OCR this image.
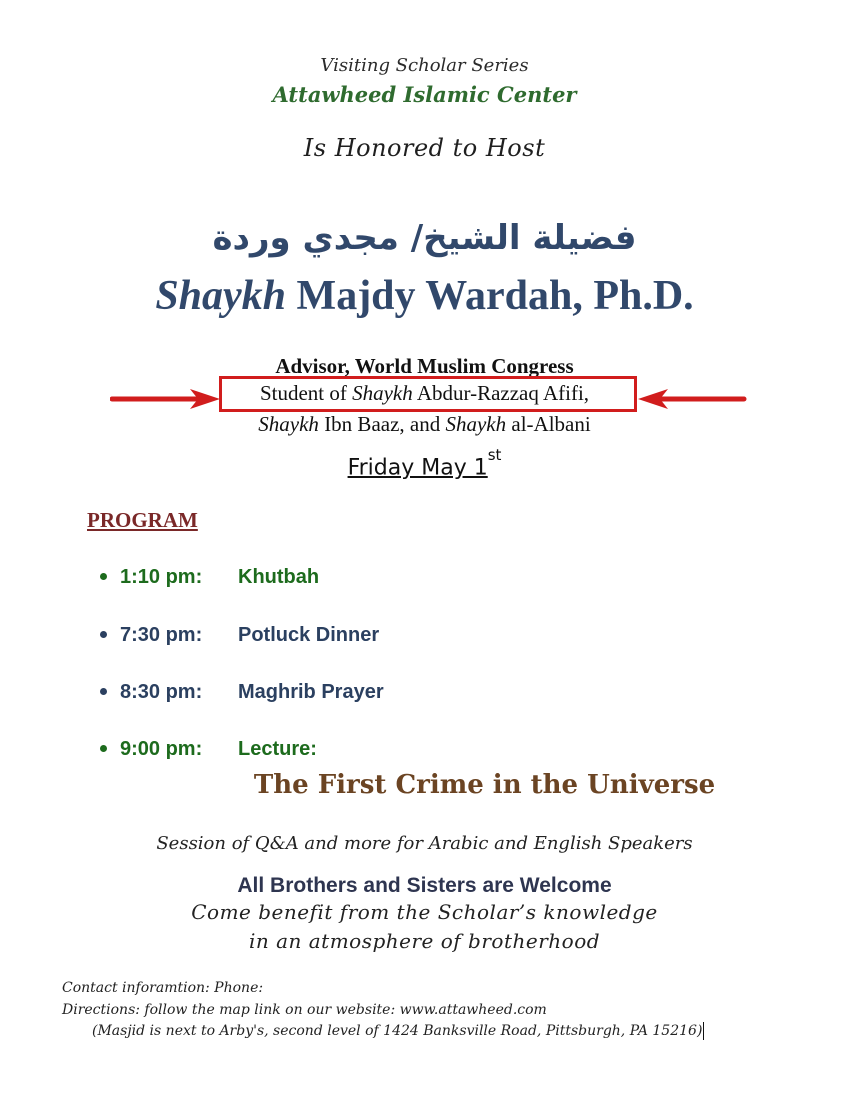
Visiting Scholar Series
Attawheed Islamic Center
Is Honored to Host
فضيلة الشيخ/ مجدي وردة
Shaykh Majdy Wardah, Ph.D.
Advisor, World Muslim Congress
Student of Shaykh Abdur-Razzaq Afifi,
Shaykh Ibn Baaz, and Shaykh al-Albani
Friday May 1st
PROGRAM
1:10 pm: Khutbah
7:30 pm: Potluck Dinner
8:30 pm: Maghrib Prayer
9:00 pm: Lecture:
The First Crime in the Universe
Session of Q&A and more for Arabic and English Speakers
All Brothers and Sisters are Welcome
Come benefit from the Scholar’s knowledge
in an atmosphere of brotherhood
Contact inforamtion: Phone:
Directions: follow the map link on our website: www.attawheed.com
(Masjid is next to Arby's, second level of 1424 Banksville Road, Pittsburgh, PA 15216)
